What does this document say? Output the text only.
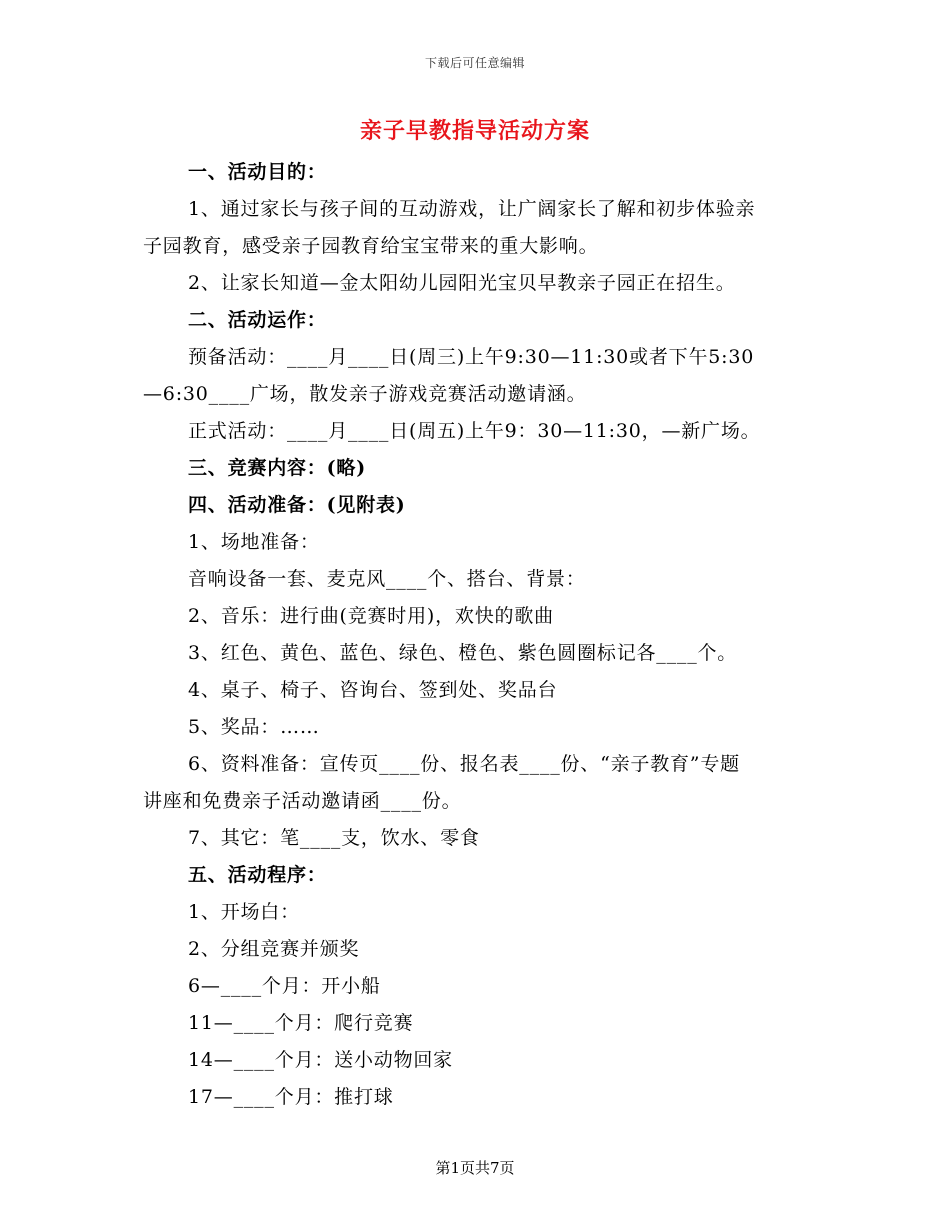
下载后可任意编辑
亲子早教指导活动方案
一、活动目的：
1、通过家长与孩子间的互动游戏，让广阔家长了解和初步体验亲
子园教育，感受亲子园教育给宝宝带来的重大影响。
2、让家长知道—金太阳幼儿园阳光宝贝早教亲子园正在招生。
二、活动运作：
预备活动：____月____日(周三)上午9:30—11:30或者下午5:30
—6:30____广场，散发亲子游戏竞赛活动邀请涵。
正式活动：____月____日(周五)上午9：30—11:30，—新广场。
三、竞赛内容：(略)
四、活动准备：(见附表)
1、场地准备：
音响设备一套、麦克风____个、搭台、背景：
2、音乐：进行曲(竞赛时用)，欢快的歌曲
3、红色、黄色、蓝色、绿色、橙色、紫色圆圈标记各____个。
4、桌子、椅子、咨询台、签到处、奖品台
5、奖品：……
6、资料准备：宣传页____份、报名表____份、“亲子教育”专题
讲座和免费亲子活动邀请函____份。
7、其它：笔____支，饮水、零食
五、活动程序：
1、开场白：
2、分组竞赛并颁奖
6—____个月：开小船
11—____个月：爬行竞赛
14—____个月：送小动物回家
17—____个月：推打球
第1页共7页
